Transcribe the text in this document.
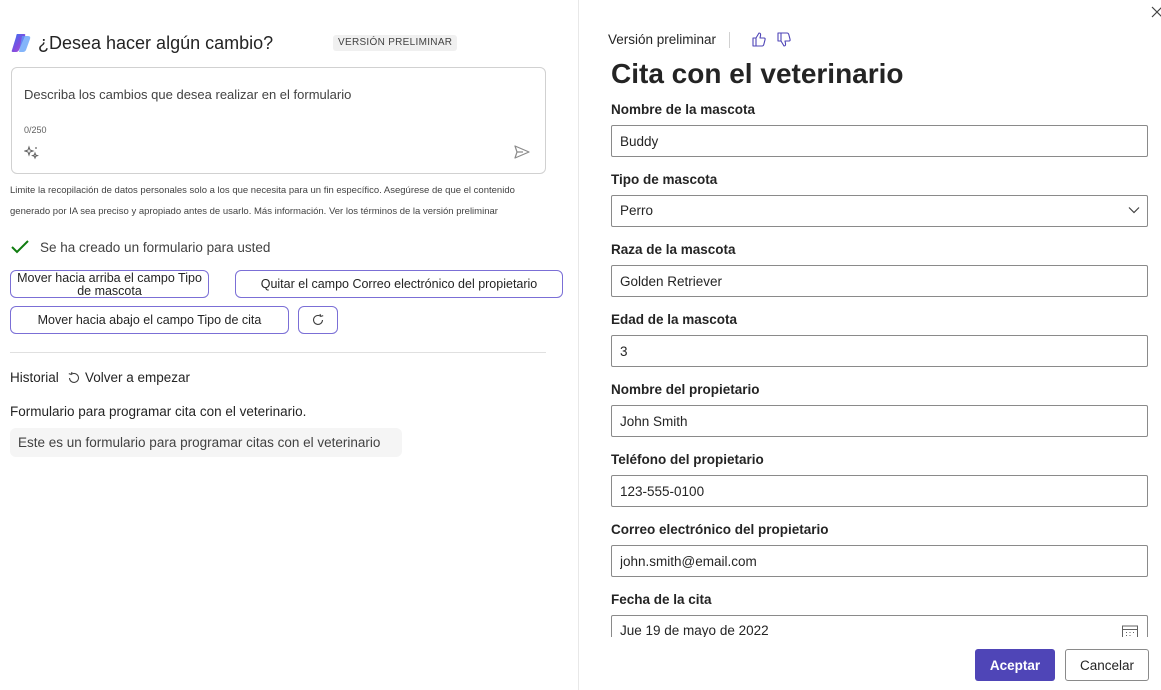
¿Desea hacer algún cambio?	VERSIÓN PRELIMINAR
Describa los cambios que desea realizar en el formulario
0/250
Limite la recopilación de datos personales solo a los que necesita para un fin específico. Asegúrese de que el contenido generado por IA sea preciso y apropiado antes de usarlo. Más información. Ver los términos de la versión preliminar
Se ha creado un formulario para usted
Mover hacia arriba el campo Tipo de mascota	Quitar el campo Correo electrónico del propietario
Mover hacia abajo el campo Tipo de cita
Historial Volver a empezar
Formulario para programar cita con el veterinario.
Este es un formulario para programar citas con el veterinario
Versión preliminar
Cita con el veterinario
Nombre de la mascota
Buddy
Tipo de mascota
Perro
Raza de la mascota
Golden Retriever
Edad de la mascota
3
Nombre del propietario
John Smith
Teléfono del propietario
123-555-0100
Correo electrónico del propietario
john.smith@email.com
Fecha de la cita
Jue 19 de mayo de 2022
Aceptar	Cancelar
